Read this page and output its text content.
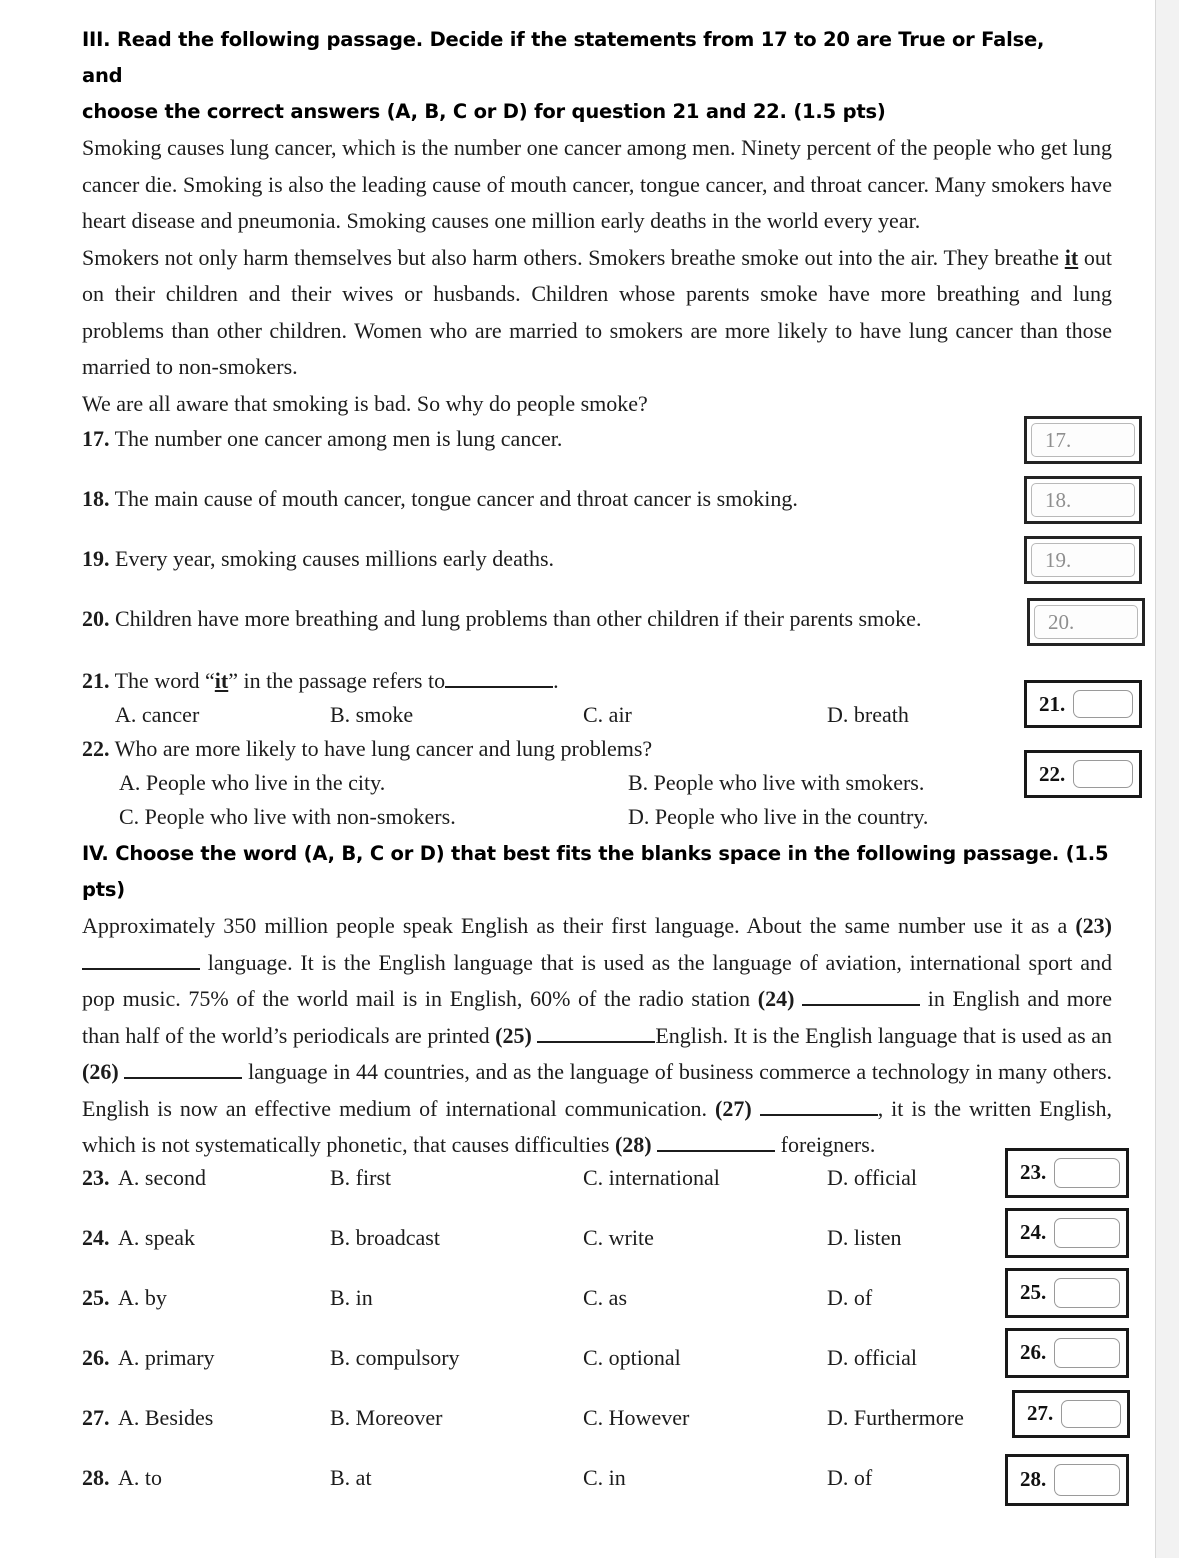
III. Read the following passage. Decide if the statements from 17 to 20 are True or False, and
choose the correct answers (A, B, C or D) for question 21 and 22. (1.5 pts)

Smoking causes lung cancer, which is the number one cancer among men. Ninety percent of the people who get lung cancer die. Smoking is also the leading cause of mouth cancer, tongue cancer, and throat cancer. Many smokers have heart disease and pneumonia. Smoking causes one million early deaths in the world every year.

Smokers not only harm themselves but also harm others. Smokers breathe smoke out into the air. They breathe it out on their children and their wives or husbands. Children whose parents smoke have more breathing and lung problems than other children. Women who are married to smokers are more likely to have lung cancer than those married to non-smokers.

We are all aware that smoking is bad. So why do people smoke?

17. The number one cancer among men is lung cancer.	17.

18. The main cause of mouth cancer, tongue cancer and throat cancer is smoking.	18.

19. Every year, smoking causes millions early deaths.	19.

20. Children have more breathing and lung problems than other children if their parents smoke.	20.

21. The word “it” in the passage refers to	.

A. cancer	B. smoke	C. air	D. breath	21.

22. Who are more likely to have lung cancer and lung problems?

A. People who live in the city.	B. People who live with smokers.
C. People who live with non-smokers.	D. People who live in the country.
22.
IV. Choose the word (A, B, C or D) that best fits the blanks space in the following passage. (1.5 pts)

Approximately 350 million people speak English as their first language. About the same number use it as a (23)  language. It is the English language that is used as the language of aviation, international sport and pop music. 75% of the world mail is in English, 60% of the radio station (24)	in English and more than half of the world’s periodicals are printed (25)	English. It is the English language that is used as an (26)	language in 44 countries, and as the language of business commerce a technology in many others. English is now an effective medium of international communication. (27)	, it is the written English, which is not systematically phonetic, that causes difficulties (28)	foreigners.

23. A. second	B. first	C. international	D. official	23.
24. A. speak	B. broadcast	C. write	D. listen	24.
25. A. by	B. in	C. as	D. of	25.
26. A. primary	B. compulsory	C. optional	D. official	26.
27. A. Besides	B. Moreover	C. However	D. Furthermore	27.
28. A. to	B. at	C. in	D. of	28.
